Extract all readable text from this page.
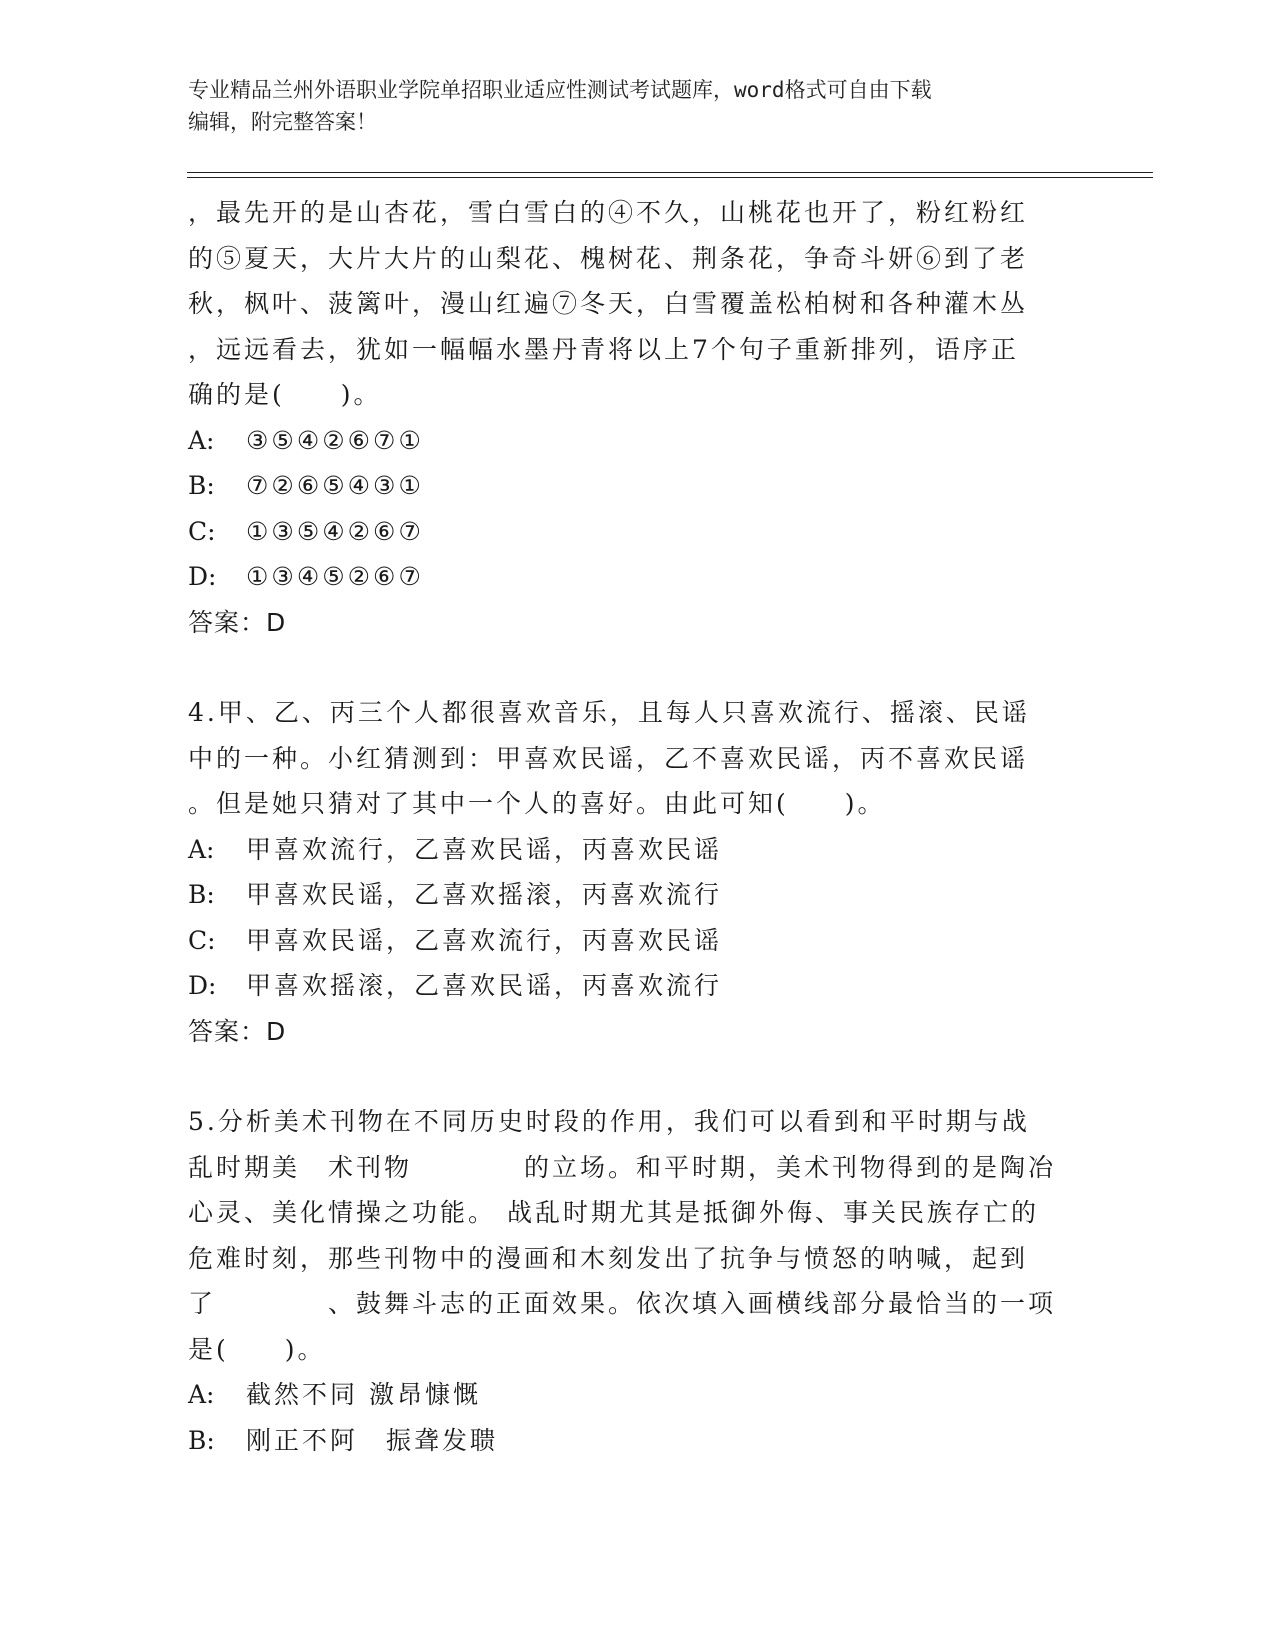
专业精品兰州外语职业学院单招职业适应性测试考试题库，word格式可自由下载
编辑，附完整答案！
，最先开的是山杏花，雪白雪白的④不久，山桃花也开了，粉红粉红
的⑤夏天，大片大片的山梨花、槐树花、荆条花，争奇斗妍⑥到了老
秋，枫叶、菠篱叶，漫山红遍⑦冬天，白雪覆盖松柏树和各种灌木丛
，远远看去，犹如一幅幅水墨丹青将以上7个句子重新排列，语序正
确的是(　　)。
A: ③⑤④②⑥⑦①
B: ⑦②⑥⑤④③①
C: ①③⑤④②⑥⑦
D: ①③④⑤②⑥⑦
答案：D
4.甲、乙、丙三个人都很喜欢音乐，且每人只喜欢流行、摇滚、民谣
中的一种。小红猜测到：甲喜欢民谣，乙不喜欢民谣，丙不喜欢民谣
。但是她只猜对了其中一个人的喜好。由此可知(　　)。
A: 甲喜欢流行，乙喜欢民谣，丙喜欢民谣
B: 甲喜欢民谣，乙喜欢摇滚，丙喜欢流行
C: 甲喜欢民谣，乙喜欢流行，丙喜欢民谣
D: 甲喜欢摇滚，乙喜欢民谣，丙喜欢流行
答案：D
5.分析美术刊物在不同历史时段的作用，我们可以看到和平时期与战
乱时期美　术刊物　　　　的立场。和平时期，美术刊物得到的是陶冶
心灵、美化情操之功能。 战乱时期尤其是抵御外侮、事关民族存亡的
危难时刻，那些刊物中的漫画和木刻发出了抗争与愤怒的呐喊，起到
了　　　　、鼓舞斗志的正面效果。依次填入画横线部分最恰当的一项
是(　　)。
A: 截然不同 激昂慷慨
B: 刚正不阿　振聋发聩
